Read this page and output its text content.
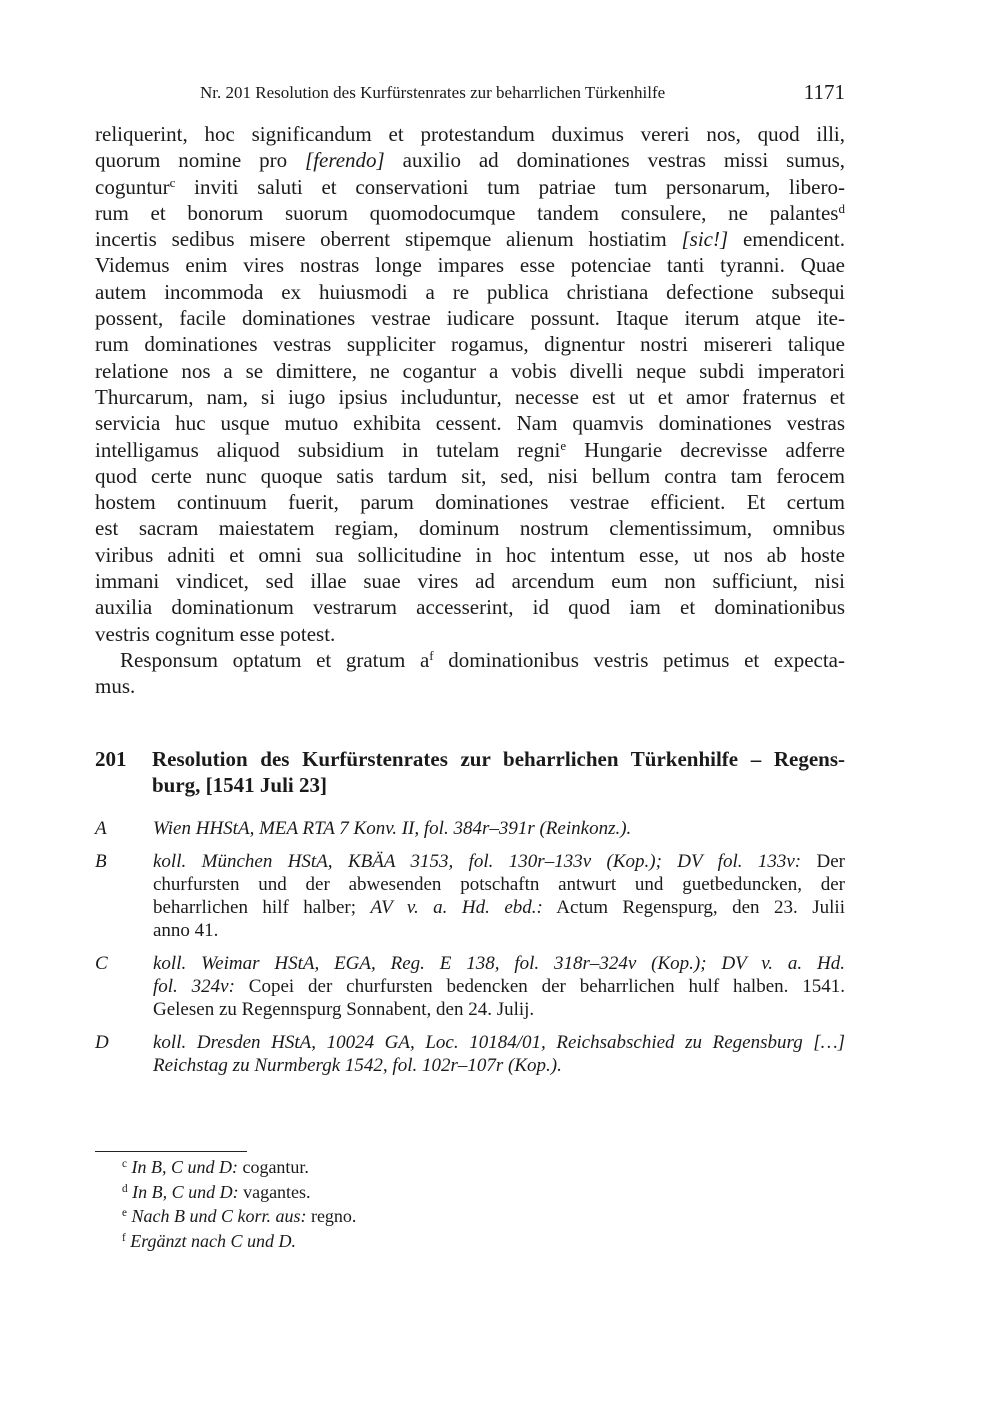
Nr. 201 Resolution des Kurfürstenrates zur beharrlichen Türkenhilfe	1171
reliquerint, hoc significandum et protestandum duximus vereri nos, quod illi,
quorum nomine pro [ferendo] auxilio ad dominationes vestras missi sumus,
coguntur$^c$ inviti saluti et conservationi tum patriae tum personarum, libero-
rum et bonorum suorum quomodocumque tandem consulere, ne palantes$^d$
incertis sedibus misere oberrent stipemque alienum hostiatim [sic!] emendicent.
Videmus enim vires nostras longe impares esse potenciae tanti tyranni. Quae
autem incommoda ex huiusmodi a re publica christiana defectione subsequi
possent, facile dominationes vestrae iudicare possunt. Itaque iterum atque ite-
rum dominationes vestras suppliciter rogamus, dignentur nostri misereri talique
relatione nos a se dimittere, ne cogantur a vobis divelli neque subdi imperatori
Thurcarum, nam, si iugo ipsius includuntur, necesse est ut et amor fraternus et
servicia huc usque mutuo exhibita cessent. Nam quamvis dominationes vestras
intelligamus aliquod subsidium in tutelam regni$^e$ Hungarie decrevisse adferre
quod certe nunc quoque satis tardum sit, sed, nisi bellum contra tam ferocem
hostem continuum fuerit, parum dominationes vestrae efficient. Et certum
est sacram maiestatem regiam, dominum nostrum clementissimum, omnibus
viribus adniti et omni sua sollicitudine in hoc intentum esse, ut nos ab hoste
immani vindicet, sed illae suae vires ad arcendum eum non sufficiunt, nisi
auxilia dominationum vestrarum accesserint, id quod iam et dominationibus
vestris cognitum esse potest.
Responsum optatum et gratum $a^f$ dominationibus vestris petimus et expecta-
mus.
201 Resolution des Kurfürstenrates zur beharrlichen Türkenhilfe – Regens-
burg, [1541 Juli 23]
A Wien HHStA, MEA RTA 7 Konv. II, fol. 384r–391r (Reinkonz.).
B koll. München HStA, KBÄA 3153, fol. 130r–133v (Kop.); DV fol. 133v: Der
churfursten und der abwesenden potschaftn antwurt und guetbeduncken, der
beharrlichen hilf halber; AV v. a. Hd. ebd.: Actum Regenspurg, den 23. Julii
anno 41.
C koll. Weimar HStA, EGA, Reg. E 138, fol. 318r–324v (Kop.); DV v. a. Hd.
fol. 324v: Copei der churfursten bedencken der beharrlichen hulf halben. 1541.
Gelesen zu Regennspurg Sonnabent, den 24. Julij.
D koll. Dresden HStA, 10024 GA, Loc. 10184/01, Reichsabschied zu Regensburg […]
Reichstag zu Nurmbergk 1542, fol. 102r–107r (Kop.).
$^c$ In B, C und D: cogantur.
$^d$ In B, C und D: vagantes.
$^e$ Nach B und C korr. aus: regno.
$^f$ Ergänzt nach C und D.
